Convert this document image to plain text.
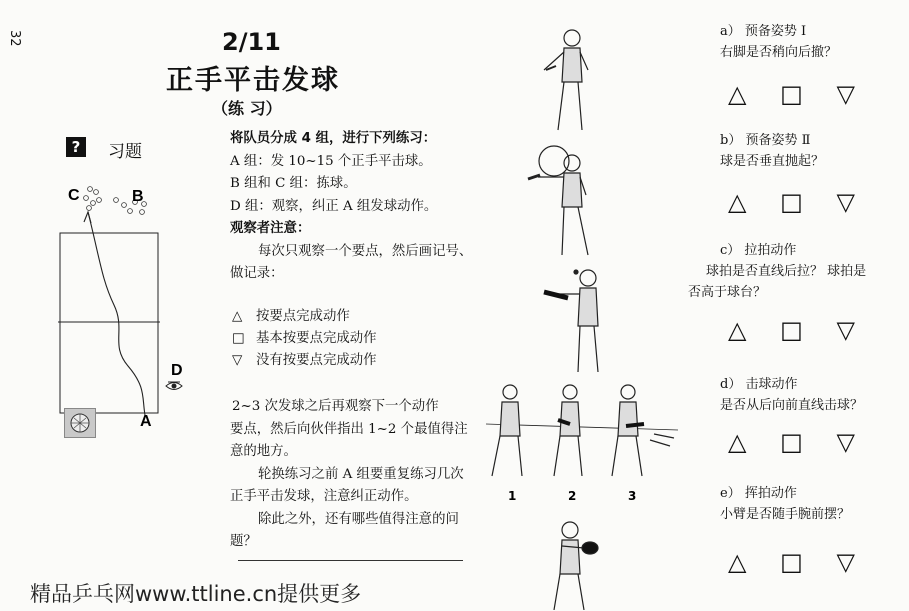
32	2/11
正手平击发球
（练 习）
?	习题
C	B
D
A
将队员分成 4 组，进行下列练习：
A 组：发 10~15 个正手平击球。
B 组和 C 组：拣球。
D 组：观察，纠正 A 组发球动作。
观察者注意：
每次只观察一个要点，然后画记号、
做记录：
△ 按要点完成动作
□ 基本按要点完成动作
▽ 没有按要点完成动作
2~3 次发球之后再观察下一个动作
要点，然后向伙伴指出 1~2 个最值得注
意的地方。
轮换练习之前 A 组要重复练习几次
正手平击发球，注意纠正动作。
除此之外，还有哪些值得注意的问
题？
1	2	3
a） 预备姿势 Ⅰ
右脚是否稍向后撤？
△ □ ▽
b） 预备姿势 Ⅱ
球是否垂直抛起？
△ □ ▽
c） 拉拍动作
球拍是否直线后拉？ 球拍是
否高于球台？
△ □ ▽
d） 击球动作
是否从后向前直线击球？
△ □ ▽
e） 挥拍动作
小臂是否随手腕前摆？
△ □ ▽
精品乒乓网www.ttline.cn提供更多
